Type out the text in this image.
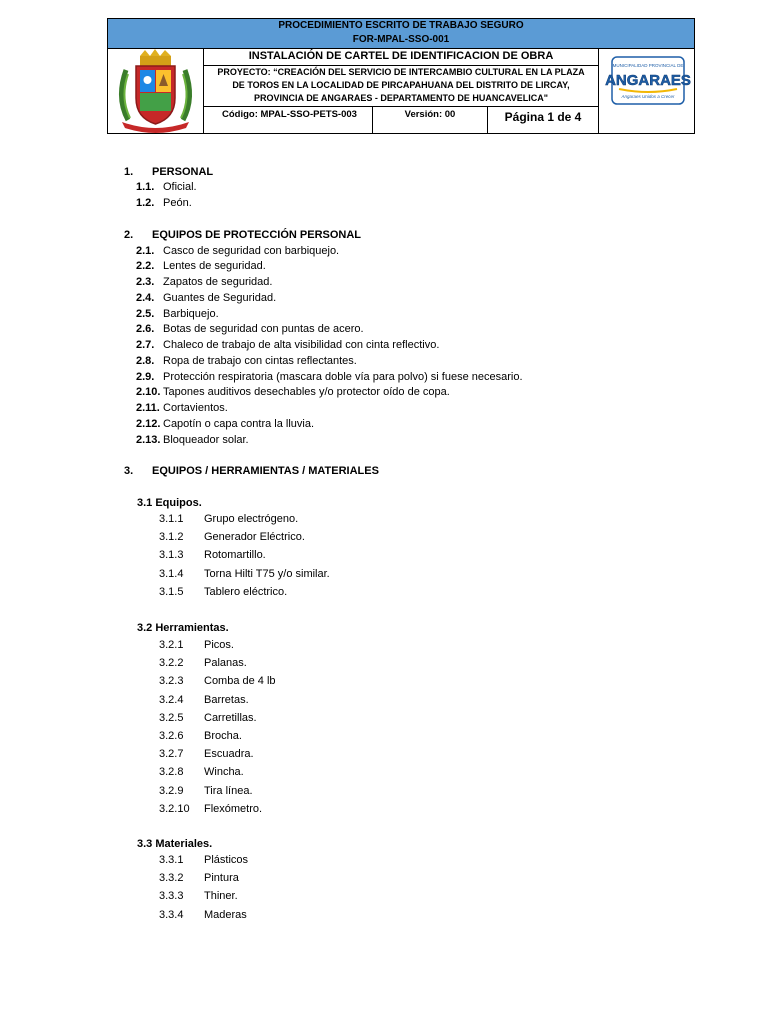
PROCEDIMIENTO ESCRITO DE TRABAJO SEGURO
FOR-MPAL-SSO-001
INSTALACIÓN DE CARTEL DE IDENTIFICACION DE OBRA
PROYECTO: “CREACIÓN DEL SERVICIO DE INTERCAMBIO CULTURAL EN LA PLAZA
DE TOROS EN LA LOCALIDAD DE PIRCAPAHUANA DEL DISTRITO DE LIRCAY,
PROVINCIA DE ANGARAES - DEPARTAMENTO DE HUANCAVELICA"
Código: MPAL-SSO-PETS-003	Versión: 00	Página 1 de 4
MUNICIPALIDAD PROVINCIAL DE
ANGARAES
Angaraes Unidos a Crecer
1. PERSONAL
1.1. Oficial.
1.2. Peón.
2. EQUIPOS DE PROTECCIÓN PERSONAL
2.1. Casco de seguridad con barbiquejo.
2.2. Lentes de seguridad.
2.3. Zapatos de seguridad.
2.4. Guantes de Seguridad.
2.5. Barbiquejo.
2.6. Botas de seguridad con puntas de acero.
2.7. Chaleco de trabajo de alta visibilidad con cinta reflectivo.
2.8. Ropa de trabajo con cintas reflectantes.
2.9. Protección respiratoria (mascara doble vía para polvo) si fuese necesario.
2.10. Tapones auditivos desechables y/o protector oído de copa.
2.11. Cortavientos.
2.12. Capotín o capa contra la lluvia.
2.13. Bloqueador solar.
3. EQUIPOS / HERRAMIENTAS / MATERIALES
3.1 Equipos.
3.1.1 Grupo electrógeno.
3.1.2 Generador Eléctrico.
3.1.3 Rotomartillo.
3.1.4 Torna Hilti T75 y/o similar.
3.1.5 Tablero eléctrico.
3.2 Herramientas.
3.2.1 Picos.
3.2.2 Palanas.
3.2.3 Comba de 4 lb
3.2.4 Barretas.
3.2.5 Carretillas.
3.2.6 Brocha.
3.2.7 Escuadra.
3.2.8 Wincha.
3.2.9 Tira línea.
3.2.10 Flexómetro.
3.3 Materiales.
3.3.1 Plásticos
3.3.2 Pintura
3.3.3 Thiner.
3.3.4 Maderas
